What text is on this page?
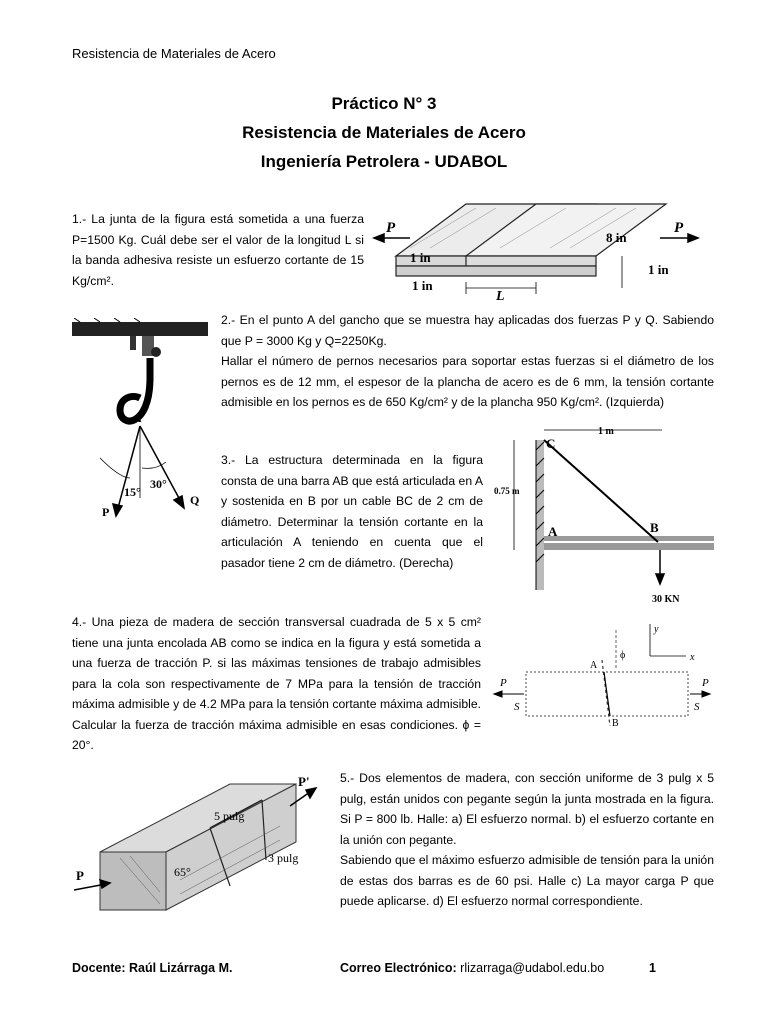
Resistencia de Materiales de Acero
Práctico N° 3
Resistencia de Materiales de Acero
Ingeniería Petrolera - UDABOL

1.- La junta de la figura está sometida a una fuerza P=1500 Kg. Cuál debe ser el valor de la longitud L si la banda adhesiva resiste un esfuerzo cortante de 15 Kg/cm².

P	P
8 in
1 in
1 in
1 in
L
A
P
Q
15°
30°

2.- En el punto A del gancho que se muestra hay aplicadas dos fuerzas P y Q. Sabiendo que P = 3000 Kg y Q=2250Kg.

Hallar el número de pernos necesarios para soportar estas fuerzas si el diámetro de los pernos es de 12 mm, el espesor de la plancha de acero es de 6 mm, la tensión cortante admisible en los pernos es de 650 Kg/cm² y de la plancha 950 Kg/cm². (Izquierda)

3.- La estructura determinada en la figura consta de una barra AB que está articulada en A y sostenida en B por un cable BC de 2 cm de diámetro. Determinar la tensión cortante en la articulación A teniendo en cuenta que el pasador tiene 2 cm de diámetro. (Derecha)

C
A	B
1 m
0.75 m
30 KN

4.- Una pieza de madera de sección transversal cuadrada de 5 x 5 cm² tiene una junta encolada AB como se indica en la figura y está sometida a una fuerza de tracción P. si las máximas tensiones de trabajo admisibles para la cola son respectivamente de 7 MPa para la tensión de tracción máxima admisible y de 4.2 MPa para la tensión cortante máxima admisible. Calcular la fuerza de tracción máxima admisible en esas condiciones. ϕ = 20°.

P	P
S	S
A
B
y
x
ϕ
P
P'
5 pulg
3 pulg
65°

5.- Dos elementos de madera, con sección uniforme de 3 pulg x 5 pulg, están unidos con pegante según la junta mostrada en la figura. Si P = 800 lb. Halle: a) El esfuerzo normal. b) el esfuerzo cortante en la unión con pegante.

Sabiendo que el máximo esfuerzo admisible de tensión para la unión de estas dos barras es de 60 psi. Halle c) La mayor carga P que puede aplicarse. d) El esfuerzo normal correspondiente.

Docente: Raúl Lizárraga M.	Correo Electrónico: rlizarraga@udabol.edu.bo	1
